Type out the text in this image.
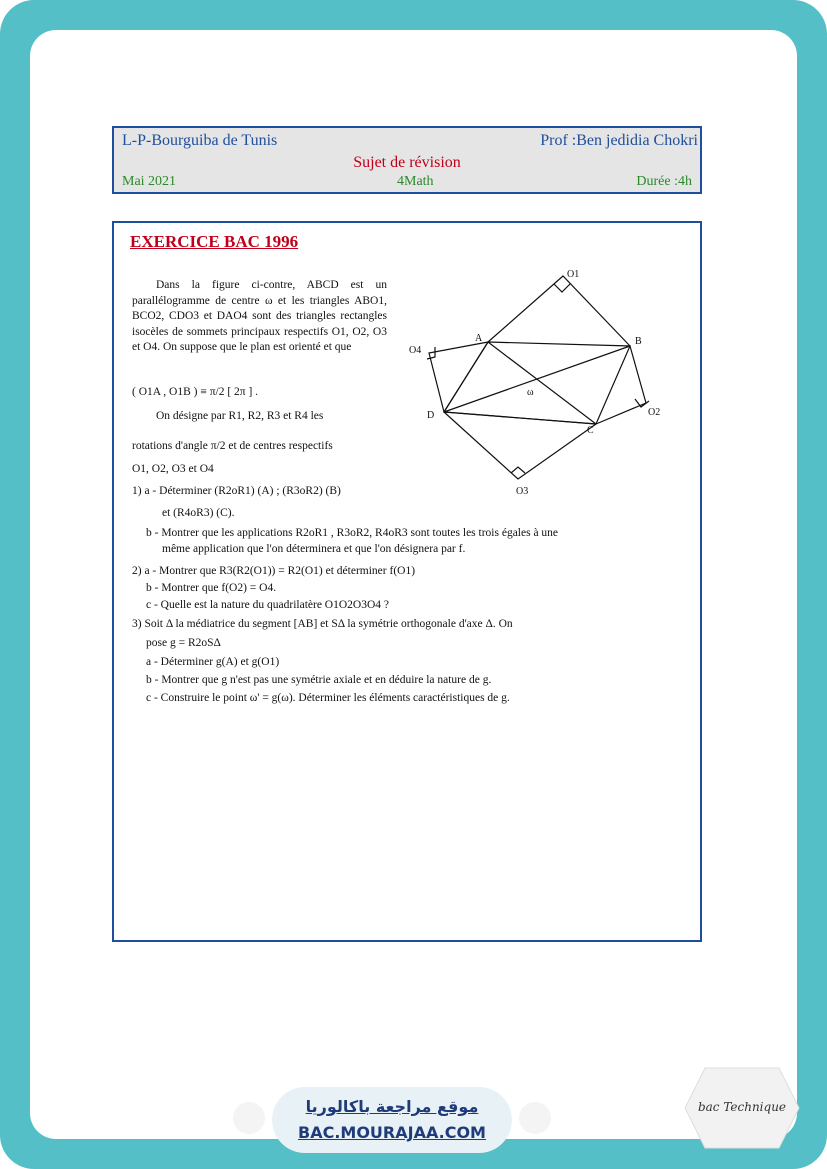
L-P-Bourguiba de Tunis	Prof :Ben jedidia Chokri
Sujet de révision
Mai 2021	4Math	Durée :4h
EXERCICE BAC 1996
Dans la figure ci-contre, ABCD est un parallélogramme de centre ω et les triangles ABO1, BCO2, CDO3 et DAO4 sont des triangles rectangles isocèles de sommets principaux respectifs O1, O2, O3 et O4. On suppose que le plan est orienté et que
( O1A , O1B ) ≡ π/2 [ 2π ] .
On désigne par R1, R2, R3 et R4 les
rotations d'angle π/2 et de centres respectifs
O1, O2, O3 et O4
1) a - Déterminer (R2oR1) (A) ; (R3oR2) (B)
et (R4oR3) (C).
b - Montrer que les applications R2oR1 , R3oR2, R4oR3 sont toutes les trois égales à une
même application que l'on déterminera et que l'on désignera par f.
2) a - Montrer que R3(R2(O1)) = R2(O1) et déterminer f(O1)
b - Montrer que f(O2) = O4.
c - Quelle est la nature du quadrilatère O1O2O3O4 ?
3) Soit Δ la médiatrice du segment [AB] et SΔ la symétrie orthogonale d'axe Δ. On
pose g = R2oSΔ
a - Déterminer g(A) et g(O1)
b - Montrer que g n'est pas une symétrie axiale et en déduire la nature de g.
c - Construire le point ω' = g(ω). Déterminer les éléments caractéristiques de g.
O1
B
A
O4
ω
D
C
O2
O3
موقع مراجعة باكالوريا
BAC.MOURAJAA.COM
bac Technique
